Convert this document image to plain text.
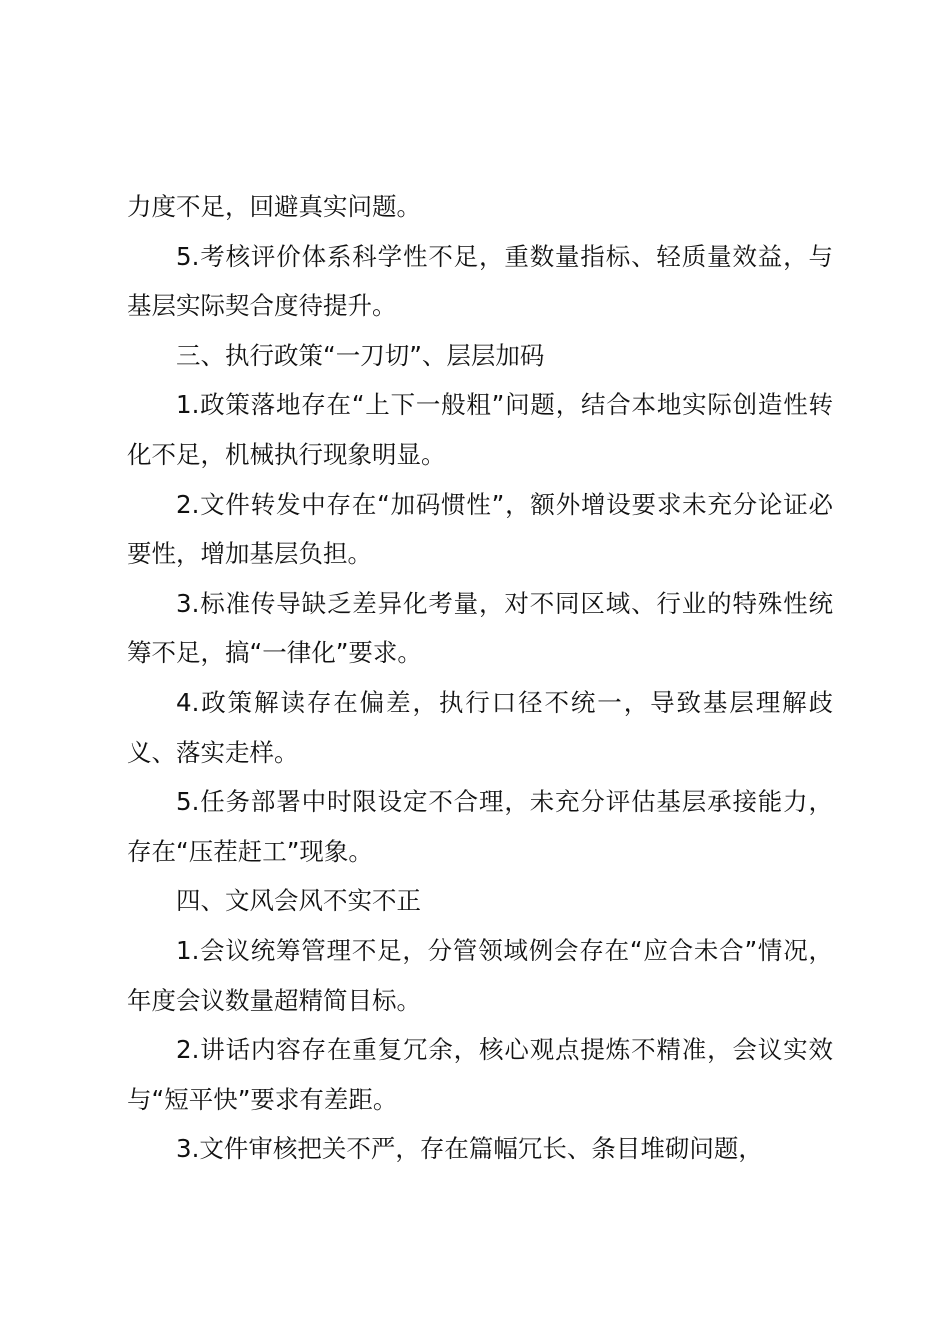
力度不足，回避真实问题。

5.考核评价体系科学性不足，重数量指标、轻质量效益，与基层实际契合度待提升。

三、执行政策“一刀切”、层层加码

1.政策落地存在“上下一般粗”问题，结合本地实际创造性转化不足，机械执行现象明显。

2.文件转发中存在“加码惯性”，额外增设要求未充分论证必要性，增加基层负担。

3.标准传导缺乏差异化考量，对不同区域、行业的特殊性统筹不足，搞“一律化”要求。

4.政策解读存在偏差，执行口径不统一，导致基层理解歧义、落实走样。

5.任务部署中时限设定不合理，未充分评估基层承接能力，存在“压茬赶工”现象。

四、文风会风不实不正

1.会议统筹管理不足，分管领域例会存在“应合未合”情况，年度会议数量超精简目标。

2.讲话内容存在重复冗余，核心观点提炼不精准，会议实效与“短平快”要求有差距。

3.文件审核把关不严，存在篇幅冗长、条目堆砌问题，
